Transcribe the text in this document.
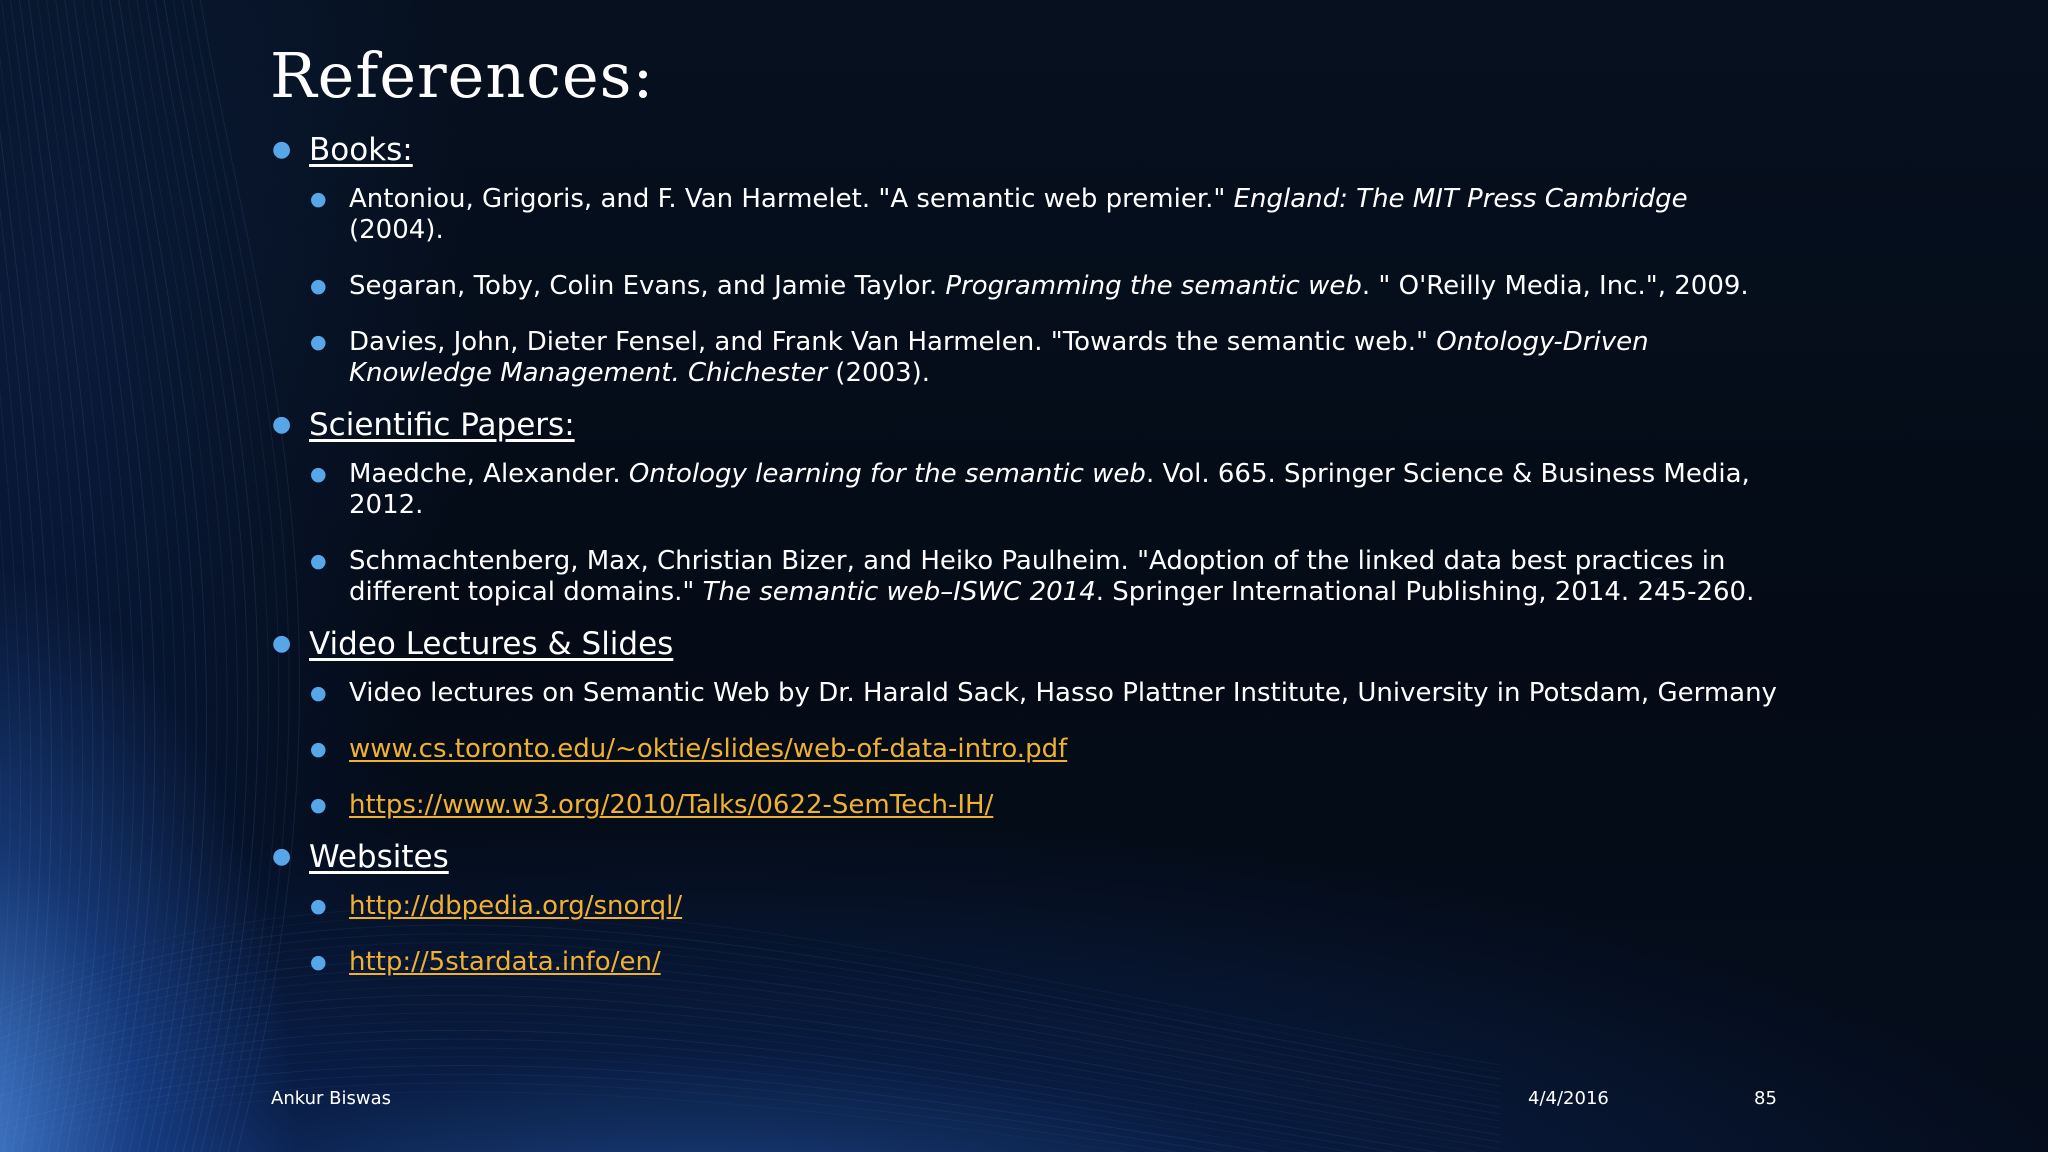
References:
● Books:
● Antoniou, Grigoris, and F. Van Harmelet. "A semantic web premier." England: The MIT Press Cambridge (2004).
● Segaran, Toby, Colin Evans, and Jamie Taylor. Programming the semantic web. " O'Reilly Media, Inc.", 2009.
● Davies, John, Dieter Fensel, and Frank Van Harmelen. "Towards the semantic web." Ontology-Driven Knowledge Management. Chichester (2003).
● Scientific Papers:
● Maedche, Alexander. Ontology learning for the semantic web. Vol. 665. Springer Science & Business Media, 2012.
● Schmachtenberg, Max, Christian Bizer, and Heiko Paulheim. "Adoption of the linked data best practices in different topical domains." The semantic web–ISWC 2014. Springer International Publishing, 2014. 245-260.
● Video Lectures & Slides
● Video lectures on Semantic Web by Dr. Harald Sack, Hasso Plattner Institute, University in Potsdam, Germany
● www.cs.toronto.edu/~oktie/slides/web-of-data-intro.pdf
● https://www.w3.org/2010/Talks/0622-SemTech-IH/
● Websites
● http://dbpedia.org/snorql/
● http://5stardata.info/en/
Ankur Biswas	4/4/2016	85
